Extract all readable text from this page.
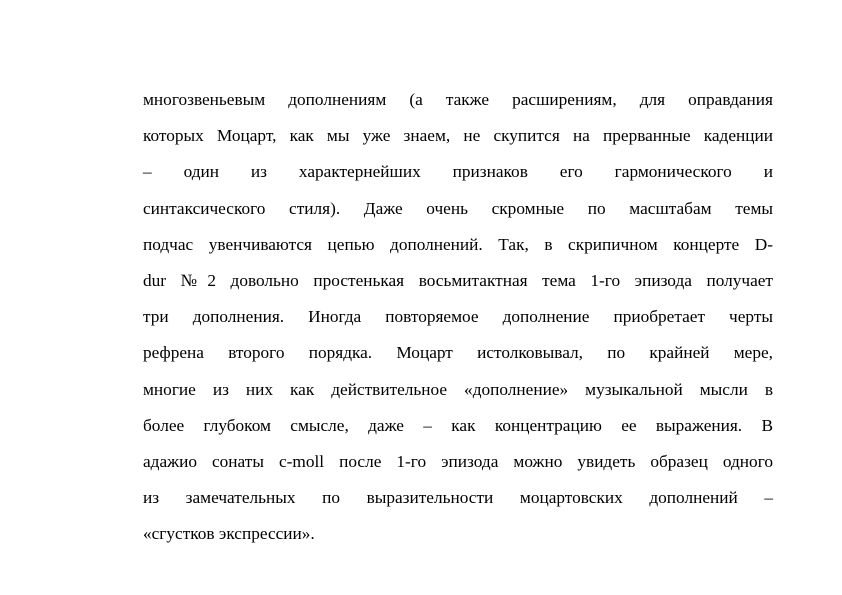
многозвеньевым дополнениям (а также расширениям, для оправдания
которых Моцарт, как мы уже знаем, не скупится на прерванные каденции
– один из характернейших признаков его гармонического и
синтаксического стиля). Даже очень скромные по масштабам темы
подчас увенчиваются цепью дополнений. Так, в скрипичном концерте D-
dur №2 довольно простенькая восьмитактная тема 1-го эпизода получает
три дополнения. Иногда повторяемое дополнение приобретает черты
рефрена второго порядка. Моцарт истолковывал, по крайней мере,
многие из них как действительное «дополнение» музыкальной мысли в
более глубоком смысле, даже – как концентрацию ее выражения. В
адажио сонаты c-moll после 1-го эпизода можно увидеть образец одного
из замечательных по выразительности моцартовских дополнений –
«сгустков экспрессии».
